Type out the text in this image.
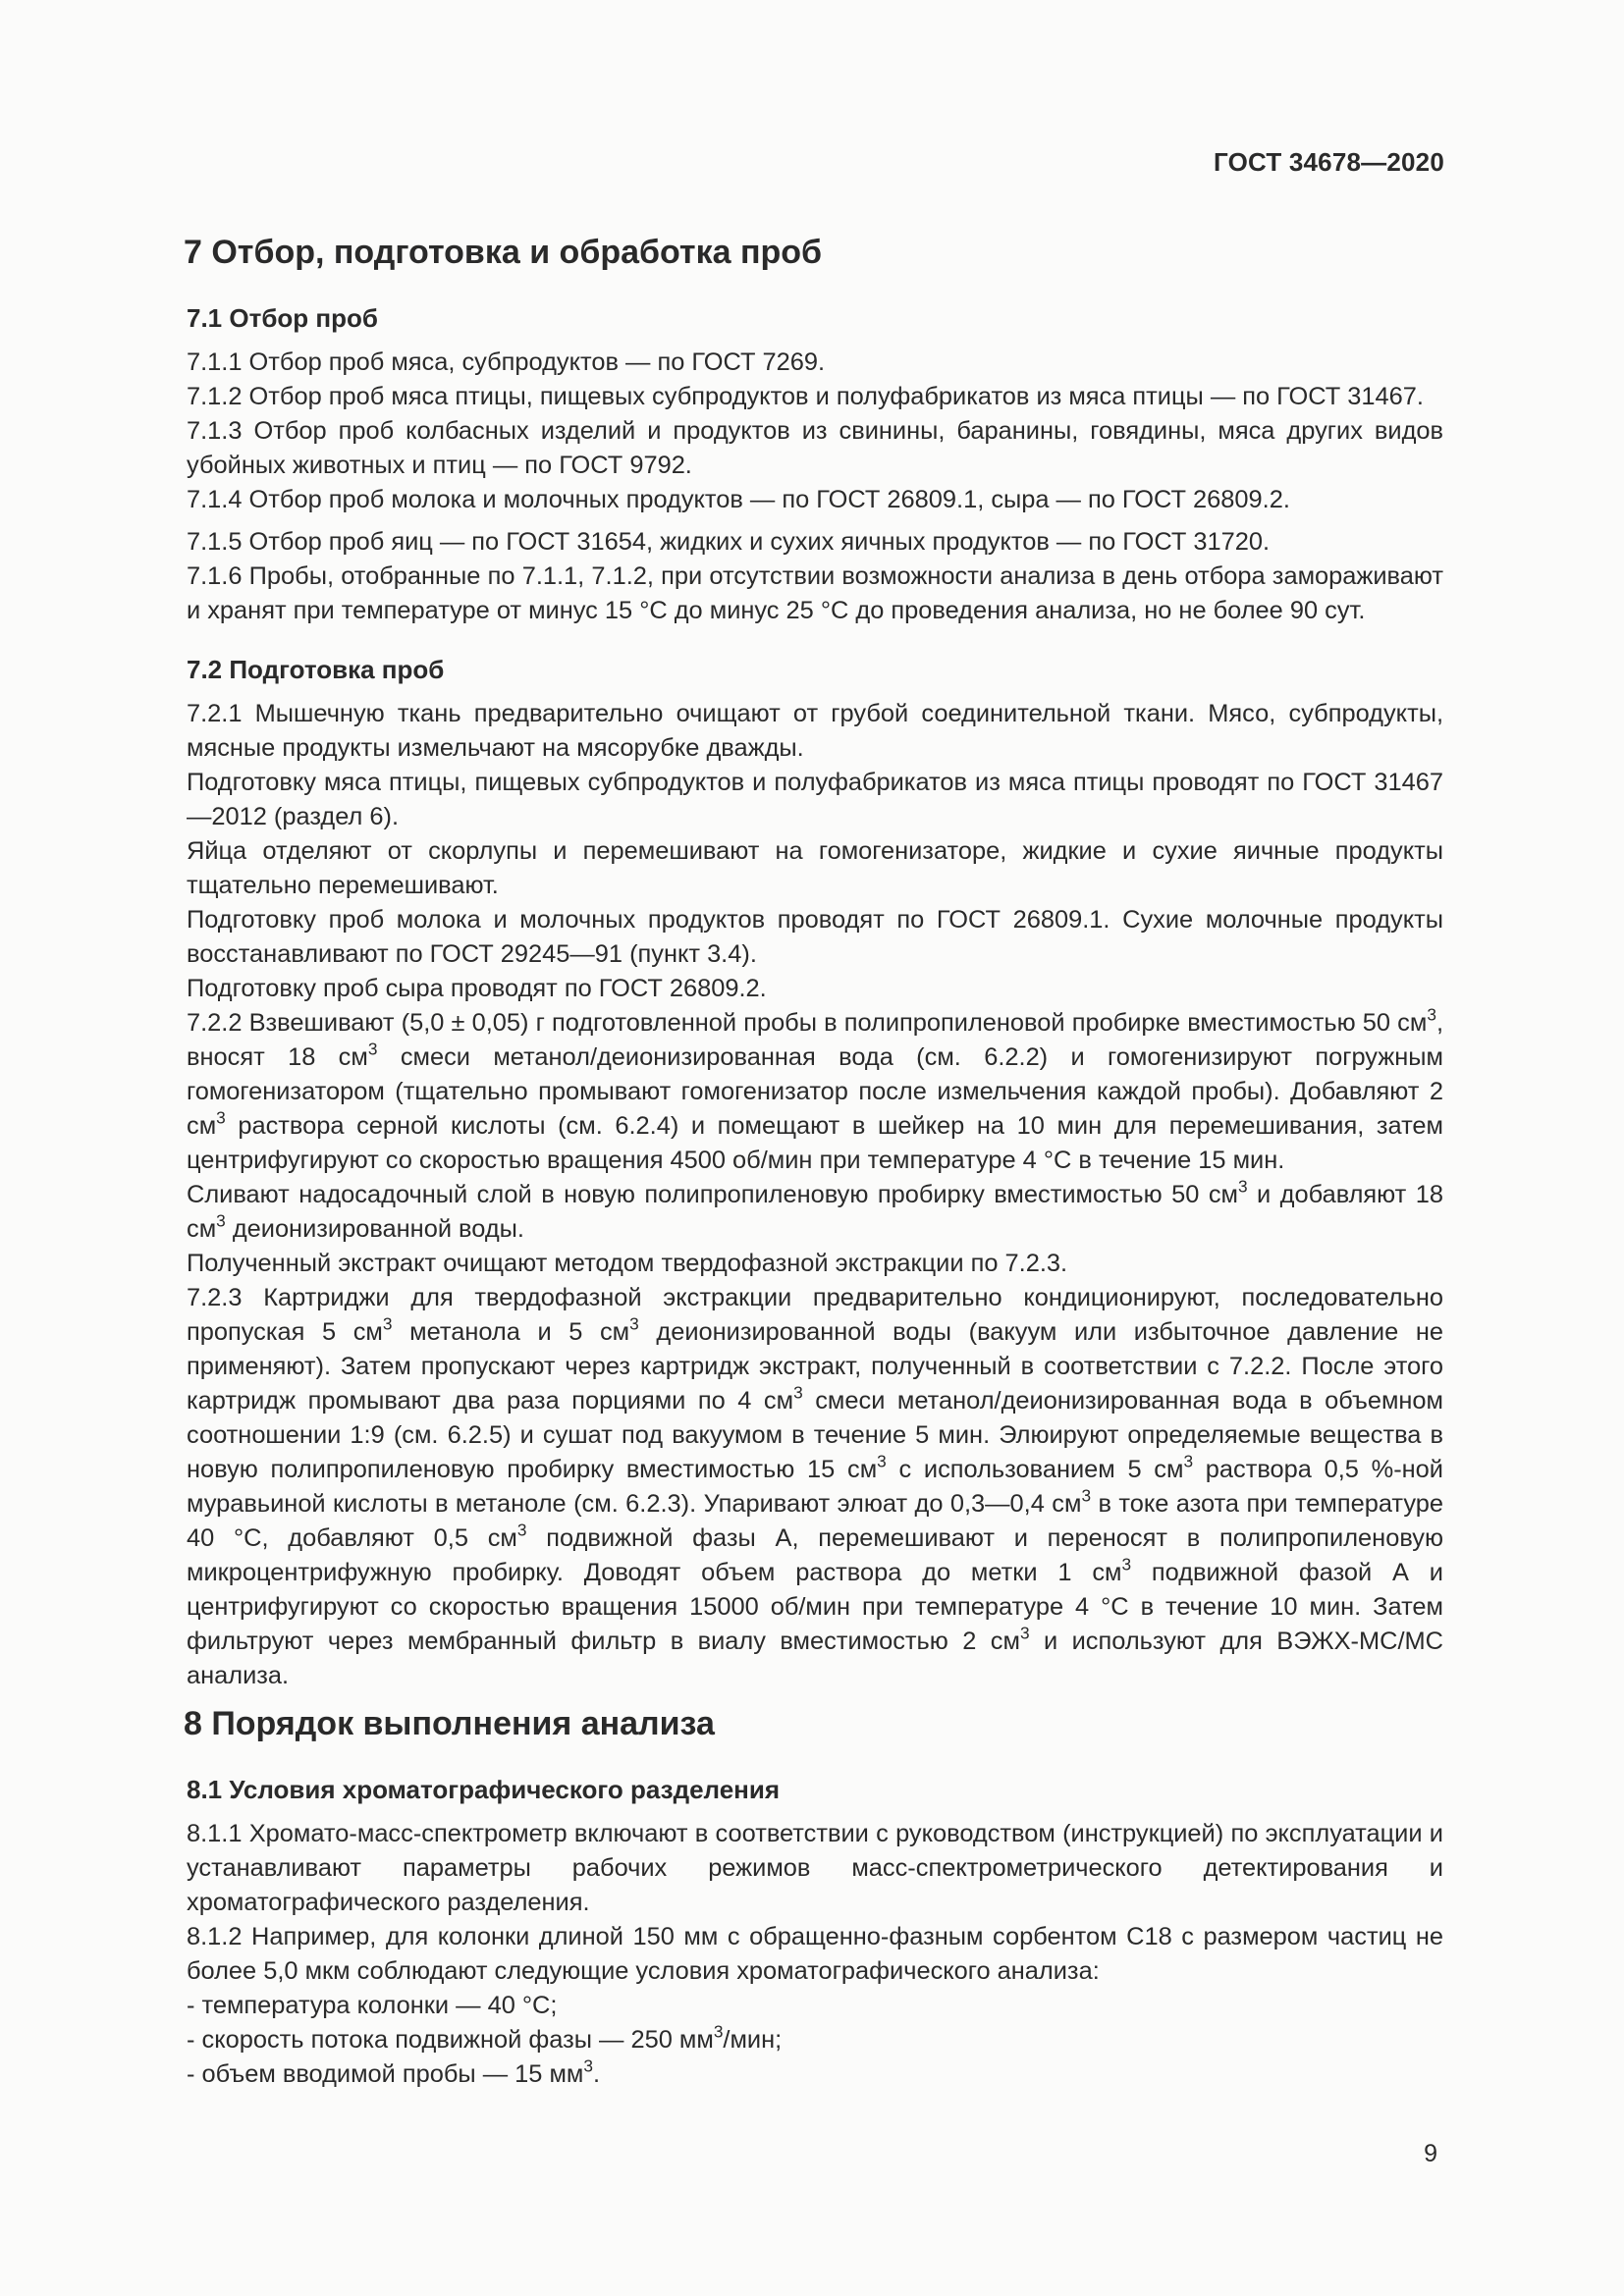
ГОСТ 34678—2020
7 Отбор, подготовка и обработка проб
7.1 Отбор проб

7.1.1 Отбор проб мяса, субпродуктов — по ГОСТ 7269.

7.1.2 Отбор проб мяса птицы, пищевых субпродуктов и полуфабрикатов из мяса птицы — по ГОСТ 31467.

7.1.3 Отбор проб колбасных изделий и продуктов из свинины, баранины, говядины, мяса других видов убойных животных и птиц — по ГОСТ 9792.

7.1.4 Отбор проб молока и молочных продуктов — по ГОСТ 26809.1, сыра — по ГОСТ 26809.2.

7.1.5 Отбор проб яиц — по ГОСТ 31654, жидких и сухих яичных продуктов — по ГОСТ 31720.

7.1.6 Пробы, отобранные по 7.1.1, 7.1.2, при отсутствии возможности анализа в день отбора замораживают и хранят при температуре от минус 15 °С до минус 25 °С до проведения анализа, но не более 90 сут.

7.2 Подготовка проб

7.2.1 Мышечную ткань предварительно очищают от грубой соединительной ткани. Мясо, субпродукты, мясные продукты измельчают на мясорубке дважды.

Подготовку мяса птицы, пищевых субпродуктов и полуфабрикатов из мяса птицы проводят по ГОСТ 31467—2012 (раздел 6).

Яйца отделяют от скорлупы и перемешивают на гомогенизаторе, жидкие и сухие яичные продукты тщательно перемешивают.

Подготовку проб молока и молочных продуктов проводят по ГОСТ 26809.1. Сухие молочные продукты восстанавливают по ГОСТ 29245—91 (пункт 3.4).

Подготовку проб сыра проводят по ГОСТ 26809.2.

7.2.2 Взвешивают (5,0 ± 0,05) г подготовленной пробы в полипропиленовой пробирке вместимостью 50 $см^3$, вносят 18 $см^3$ смеси метанол/деионизированная вода (см. 6.2.2) и гомогенизируют погружным гомогенизатором (тщательно промывают гомогенизатор после измельчения каждой пробы). Добавляют 2 $см^3$ раствора серной кислоты (см. 6.2.4) и помещают в шейкер на 10 мин для перемешивания, затем центрифугируют со скоростью вращения 4500 об/мин при температуре 4 °С в течение 15 мин.

Сливают надосадочный слой в новую полипропиленовую пробирку вместимостью 50 $см^3$ и добавляют 18 $см^3$ деионизированной воды.

Полученный экстракт очищают методом твердофазной экстракции по 7.2.3.

7.2.3 Картриджи для твердофазной экстракции предварительно кондиционируют, последовательно пропуская 5 $см^3$ метанола и 5 $см^3$ деионизированной воды (вакуум или избыточное давление не применяют). Затем пропускают через картридж экстракт, полученный в соответствии с 7.2.2. После этого картридж промывают два раза порциями по 4 $см^3$ смеси метанол/деионизированная вода в объемном соотношении 1:9 (см. 6.2.5) и сушат под вакуумом в течение 5 мин. Элюируют определяемые вещества в новую полипропиленовую пробирку вместимостью 15 $см^3$ с использованием 5 $см^3$ раствора 0,5 %-ной муравьиной кислоты в метаноле (см. 6.2.3). Упаривают элюат до 0,3—0,4 $см^3$ в токе азота при температуре 40 °С, добавляют 0,5 $см^3$ подвижной фазы А, перемешивают и переносят в полипропиленовую микроцентрифужную пробирку. Доводят объем раствора до метки 1 $см^3$ подвижной фазой А и центрифугируют со скоростью вращения 15000 об/мин при температуре 4 °С в течение 10 мин. Затем фильтруют через мембранный фильтр в виалу вместимостью 2 $см^3$ и используют для ВЭЖХ-МС/МС анализа.

8 Порядок выполнения анализа
8.1 Условия хроматографического разделения

8.1.1 Хромато-масс-спектрометр включают в соответствии с руководством (инструкцией) по эксплуатации и устанавливают параметры рабочих режимов масс-спектрометрического детектирования и хроматографического разделения.

8.1.2 Например, для колонки длиной 150 мм с обращенно-фазным сорбентом С18 с размером частиц не более 5,0 мкм соблюдают следующие условия хроматографического анализа:

- температура колонки — 40 °С;
- скорость потока подвижной фазы — 250 $мм^3$/мин;
- объем вводимой пробы — 15 $мм^3$.
9
